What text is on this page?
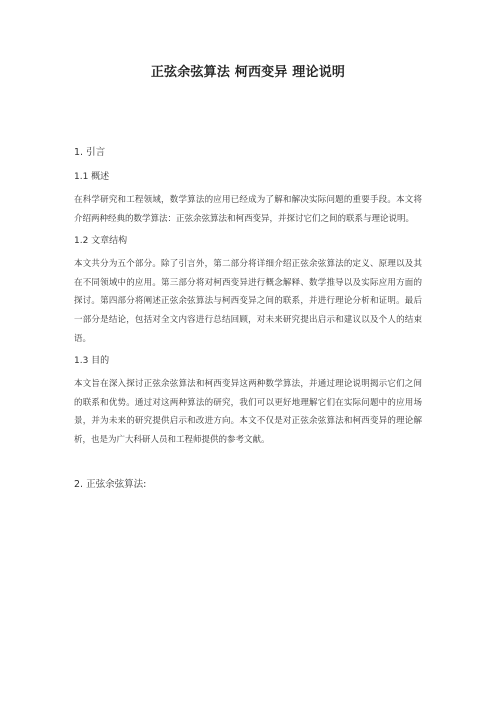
正弦余弦算法 柯西变异 理论说明

1. 引言

1.1 概述

在科学研究和工程领域，数学算法的应用已经成为了解和解决实际问题的重要手段。本文将介绍两种经典的数学算法：正弦余弦算法和柯西变异，并探讨它们之间的联系与理论说明。

1.2 文章结构

本文共分为五个部分。除了引言外，第二部分将详细介绍正弦余弦算法的定义、原理以及其在不同领域中的应用。第三部分将对柯西变异进行概念解释、数学推导以及实际应用方面的探讨。第四部分将阐述正弦余弦算法与柯西变异之间的联系，并进行理论分析和证明。最后一部分是结论，包括对全文内容进行总结回顾，对未来研究提出启示和建议以及个人的结束语。

1.3 目的

本文旨在深入探讨正弦余弦算法和柯西变异这两种数学算法，并通过理论说明揭示它们之间的联系和优势。通过对这两种算法的研究，我们可以更好地理解它们在实际问题中的应用场景，并为未来的研究提供启示和改进方向。本文不仅是对正弦余弦算法和柯西变异的理论解析，也是为广大科研人员和工程师提供的参考文献。

2. 正弦余弦算法:
